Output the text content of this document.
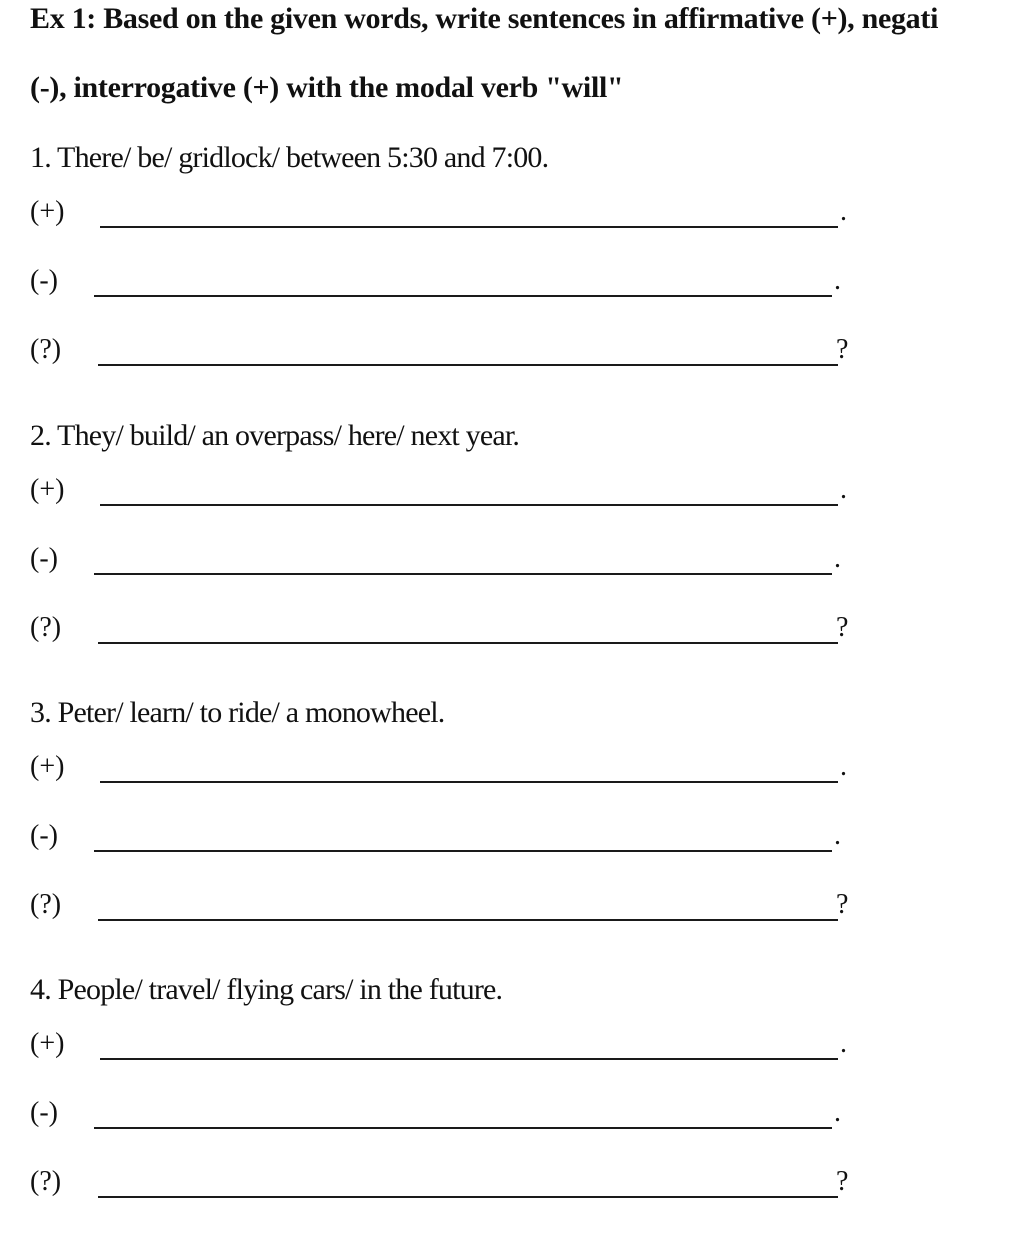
Ex 1: Based on the given words, write sentences in affirmative (+), negati
(-), interrogative (+) with the modal verb "will"
1. There/ be/ gridlock/ between 5:30 and 7:00.
(+)	.
(-)	.
(?)	?
2. They/ build/ an overpass/ here/ next year.
(+)	.
(-)	.
(?)	?
3. Peter/ learn/ to ride/ a monowheel.
(+)	.
(-)	.
(?)	?
4. People/ travel/ flying cars/ in the future.
(+)	.
(-)	.
(?)	?
